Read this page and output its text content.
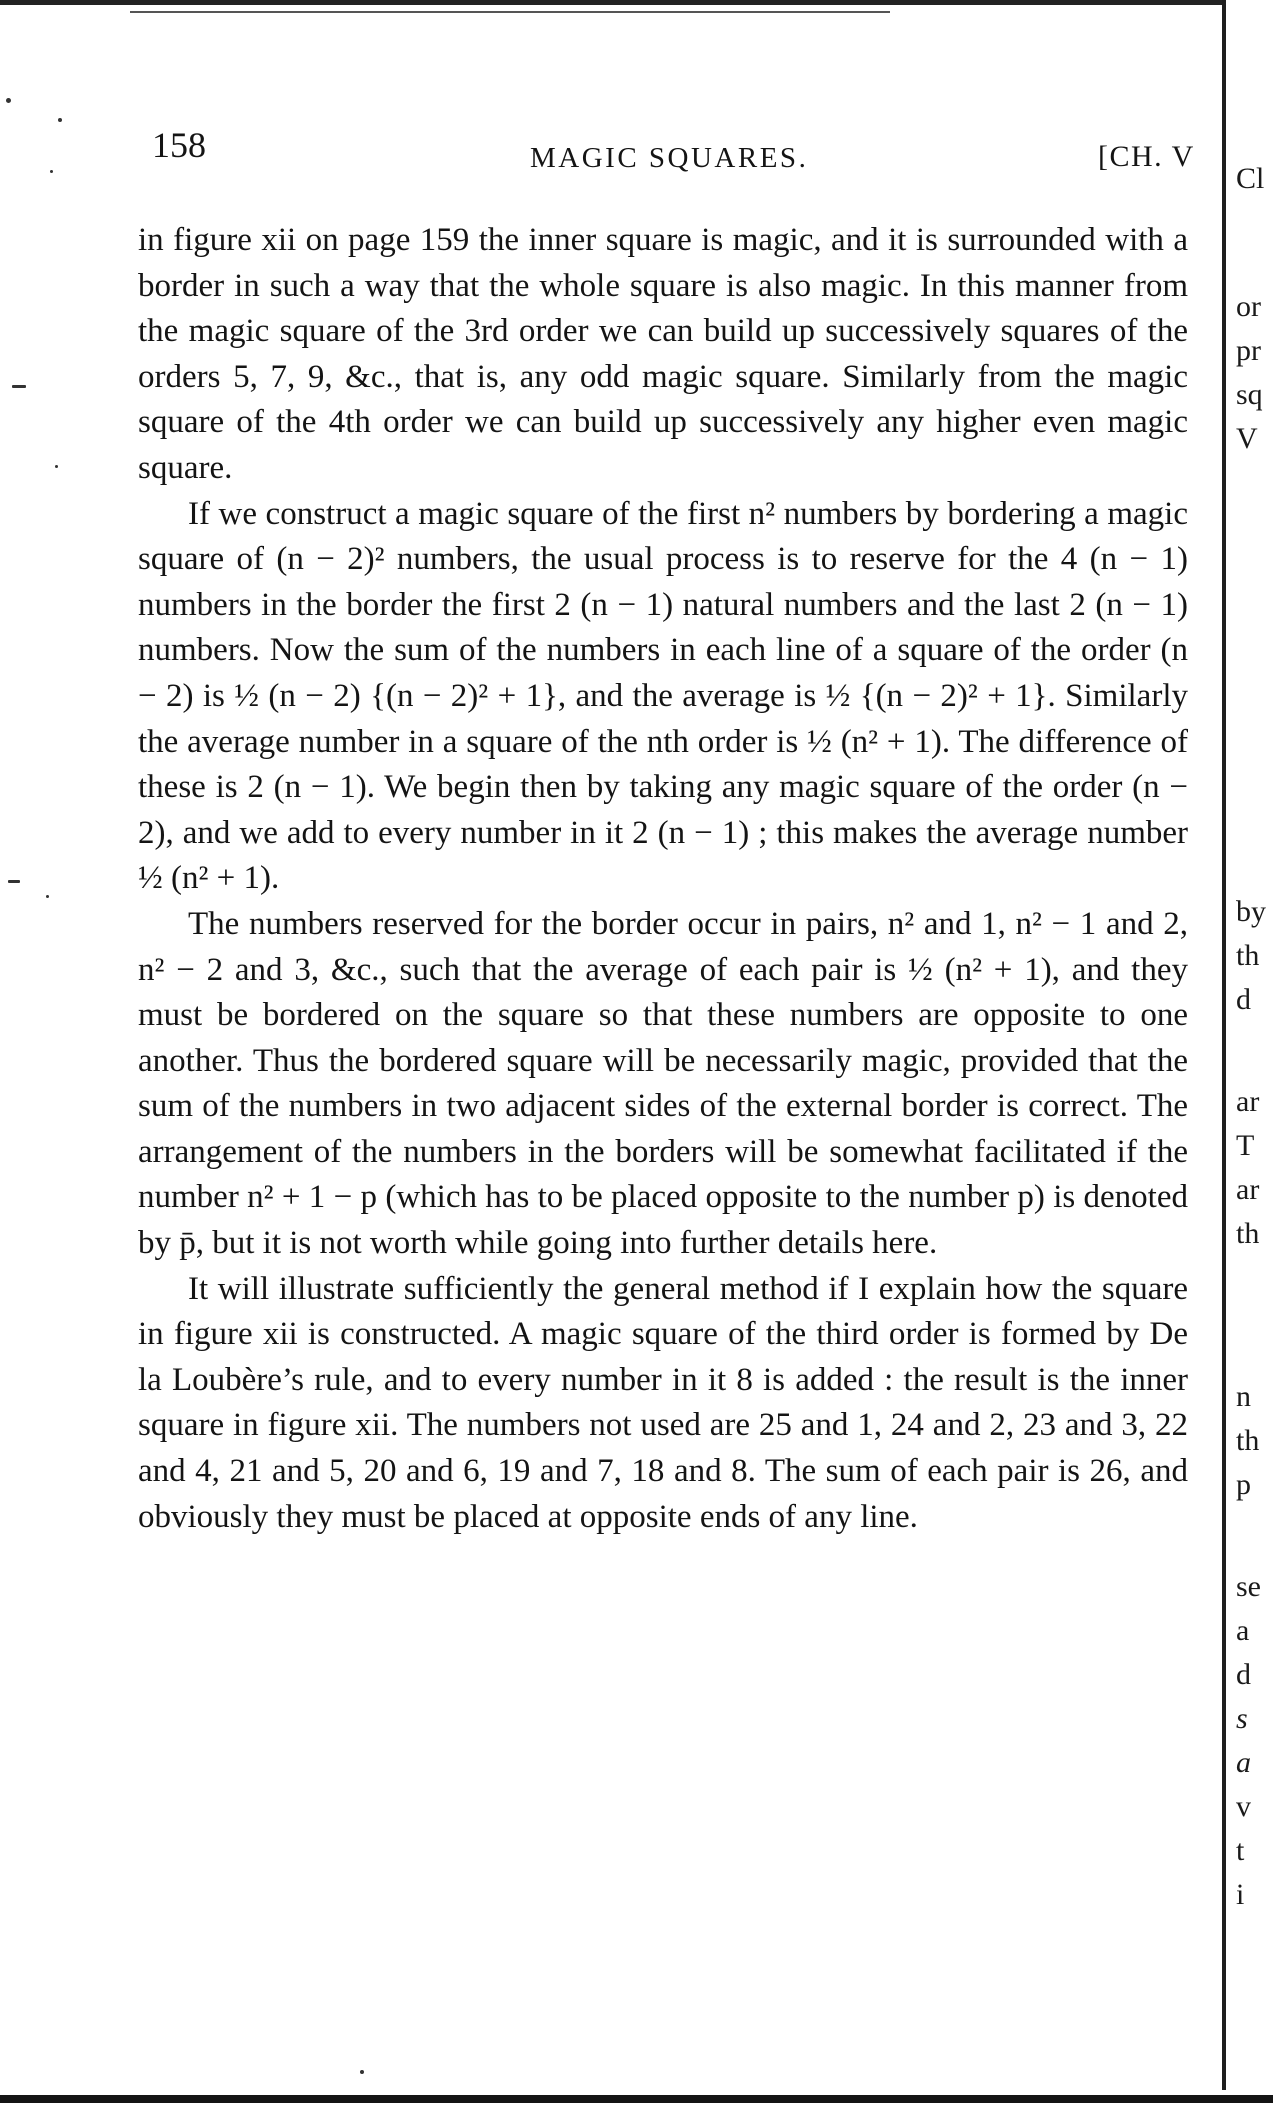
158	MAGIC SQUARES.	[CH. V

in figure xii on page 159 the inner square is magic, and it is surrounded with a border in such a way that the whole square is also magic. In this manner from the magic square of the 3rd order we can build up successively squares of the orders 5, 7, 9, &c., that is, any odd magic square. Similarly from the magic square of the 4th order we can build up successively any higher even magic square.

If we construct a magic square of the first n² numbers by bordering a magic square of (n − 2)² numbers, the usual process is to reserve for the 4 (n − 1) numbers in the border the first 2 (n − 1) natural numbers and the last 2 (n − 1) numbers. Now the sum of the numbers in each line of a square of the order (n − 2) is ½ (n − 2) {(n − 2)² + 1}, and the average is ½ {(n − 2)² + 1}. Similarly the average number in a square of the nth order is ½ (n² + 1). The difference of these is 2 (n − 1). We begin then by taking any magic square of the order (n − 2), and we add to every number in it 2 (n − 1) ; this makes the average number ½ (n² + 1).

The numbers reserved for the border occur in pairs, n² and 1, n² − 1 and 2, n² − 2 and 3, &c., such that the average of each pair is ½ (n² + 1), and they must be bordered on the square so that these numbers are opposite to one another. Thus the bordered square will be necessarily magic, provided that the sum of the numbers in two adjacent sides of the external border is correct. The arrangement of the numbers in the borders will be somewhat facilitated if the number n² + 1 − p (which has to be placed opposite to the number p) is denoted by p̄, but it is not worth while going into further details here.

It will illustrate sufficiently the general method if I explain how the square in figure xii is constructed. A magic square of the third order is formed by De la Loubère’s rule, and to every number in it 8 is added : the result is the inner square in figure xii. The numbers not used are 25 and 1, 24 and 2, 23 and 3, 22 and 4, 21 and 5, 20 and 6, 19 and 7, 18 and 8. The sum of each pair is 26, and obviously they must be placed at opposite ends of any line.

Cl
or
pr
sq
V
by
th
d
ar
T
ar
th
n
th
p
se
a
d
s
a
v
t
i
